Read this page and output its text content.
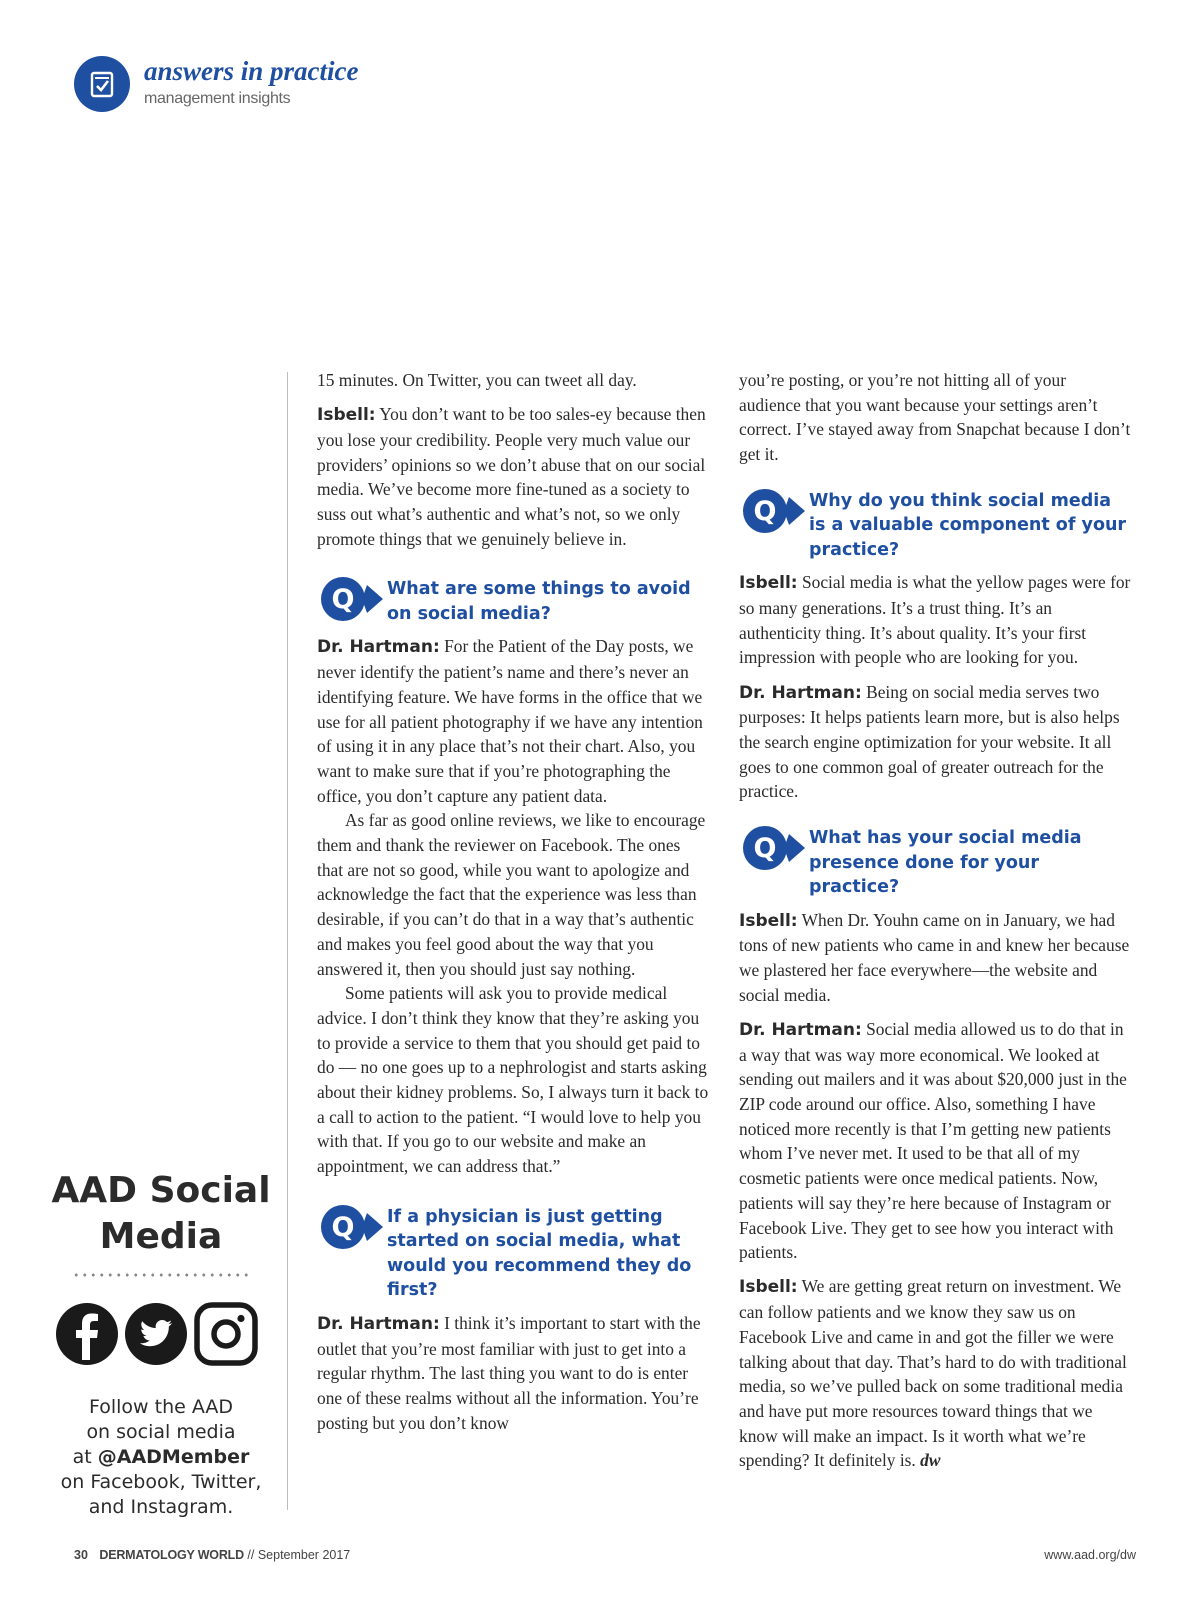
answers in practice
management insights
AAD Social Media
Follow the AAD
on social media
at @AADMember
on Facebook, Twitter,
and Instagram.

15 minutes. On Twitter, you can tweet all day.

Isbell: You don’t want to be too sales-ey because then you lose your credibility. People very much value our providers’ opinions so we don’t abuse that on our social media. We’ve become more fine-tuned as a society to suss out what’s authentic and what’s not, so we only promote things that we genuinely believe in.

Q What are some things to avoid on social media?

Dr. Hartman: For the Patient of the Day posts, we never identify the patient’s name and there’s never an identifying feature. We have forms in the office that we use for all patient photography if we have any intention of using it in any place that’s not their chart. Also, you want to make sure that if you’re photographing the office, you don’t capture any patient data.

As far as good online reviews, we like to encourage them and thank the reviewer on Facebook. The ones that are not so good, while you want to apologize and acknowledge the fact that the experience was less than desirable, if you can’t do that in a way that’s authentic and makes you feel good about the way that you answered it, then you should just say nothing.

Some patients will ask you to provide medical advice. I don’t think they know that they’re asking you to provide a service to them that you should get paid to do — no one goes up to a nephrologist and starts asking about their kidney problems. So, I always turn it back to a call to action to the patient. “I would love to help you with that. If you go to our website and make an appointment, we can address that.”

Q If a physician is just getting started on social media, what would you recommend they do first?

Dr. Hartman: I think it’s important to start with the outlet that you’re most familiar with just to get into a regular rhythm. The last thing you want to do is enter one of these realms without all the information. You’re posting but you don’t know

you’re posting, or you’re not hitting all of your audience that you want because your settings aren’t correct. I’ve stayed away from Snapchat because I don’t get it.

Q Why do you think social media is a valuable component of your practice?

Isbell: Social media is what the yellow pages were for so many generations. It’s a trust thing. It’s an authenticity thing. It’s about quality. It’s your first impression with people who are looking for you.

Dr. Hartman: Being on social media serves two purposes: It helps patients learn more, but is also helps the search engine optimization for your website. It all goes to one common goal of greater outreach for the practice.

Q What has your social media presence done for your practice?

Isbell: When Dr. Youhn came on in January, we had tons of new patients who came in and knew her because we plastered her face everywhere—the website and social media.

Dr. Hartman: Social media allowed us to do that in a way that was way more economical. We looked at sending out mailers and it was about $20,000 just in the ZIP code around our office. Also, something I have noticed more recently is that I’m getting new patients whom I’ve never met. It used to be that all of my cosmetic patients were once medical patients. Now, patients will say they’re here because of Instagram or Facebook Live. They get to see how you interact with patients.

Isbell: We are getting great return on investment. We can follow patients and we know they saw us on Facebook Live and came in and got the filler we were talking about that day. That’s hard to do with traditional media, so we’ve pulled back on some traditional media and have put more resources toward things that we know will make an impact. Is it worth what we’re spending? It definitely is. dw

30 DERMATOLOGY WORLD // September 2017	www.aad.org/dw
